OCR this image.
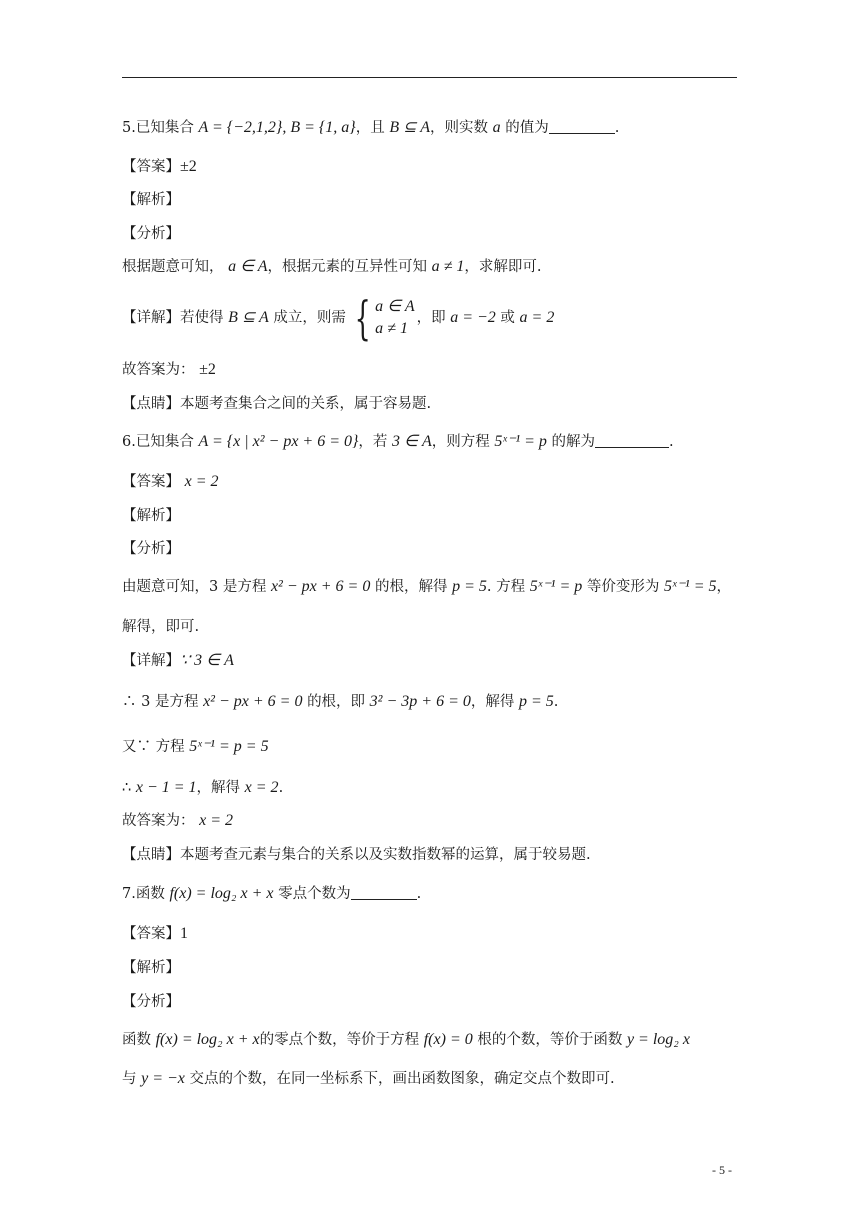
5.已知集合 A = {−2,1,2}, B = {1, a}，且 B ⊆ A，则实数 a 的值为	.
【答案】±2
【解析】
【分析】
根据题意可知， a ∈ A，根据元素的互异性可知 a ≠ 1，求解即可.
【详解】若使得 B ⊆ A 成立，则需 { a ∈ A
a ≠ 1
，即 a = −2 或 a = 2
故答案为： ±2
【点睛】本题考查集合之间的关系，属于容易题.
6.已知集合 A = {x | x² − px + 6 = 0}，若 3 ∈ A，则方程 5ˣ⁻¹ = p 的解为	.
【答案】 x = 2
【解析】
【分析】
由题意可知，3 是方程 x² − px + 6 = 0 的根，解得 p = 5. 方程 5ˣ⁻¹ = p 等价变形为 5ˣ⁻¹ = 5，
解得，即可.
【详解】∵ 3 ∈ A
∴ 3 是方程 x² − px + 6 = 0 的根，即 3² − 3p + 6 = 0，解得 p = 5.
又∵ 方程 5ˣ⁻¹ = p = 5
∴ x − 1 = 1，解得 x = 2.
故答案为： x = 2
【点睛】本题考查元素与集合的关系以及实数指数幂的运算，属于较易题.
7.函数 f(x) = log₂ x + x 零点个数为	.
【答案】1
【解析】
【分析】
函数 f(x) = log₂ x + x的零点个数，等价于方程 f(x) = 0 根的个数，等价于函数 y = log₂ x
与 y = −x 交点的个数，在同一坐标系下，画出函数图象，确定交点个数即可.
- 5 -
